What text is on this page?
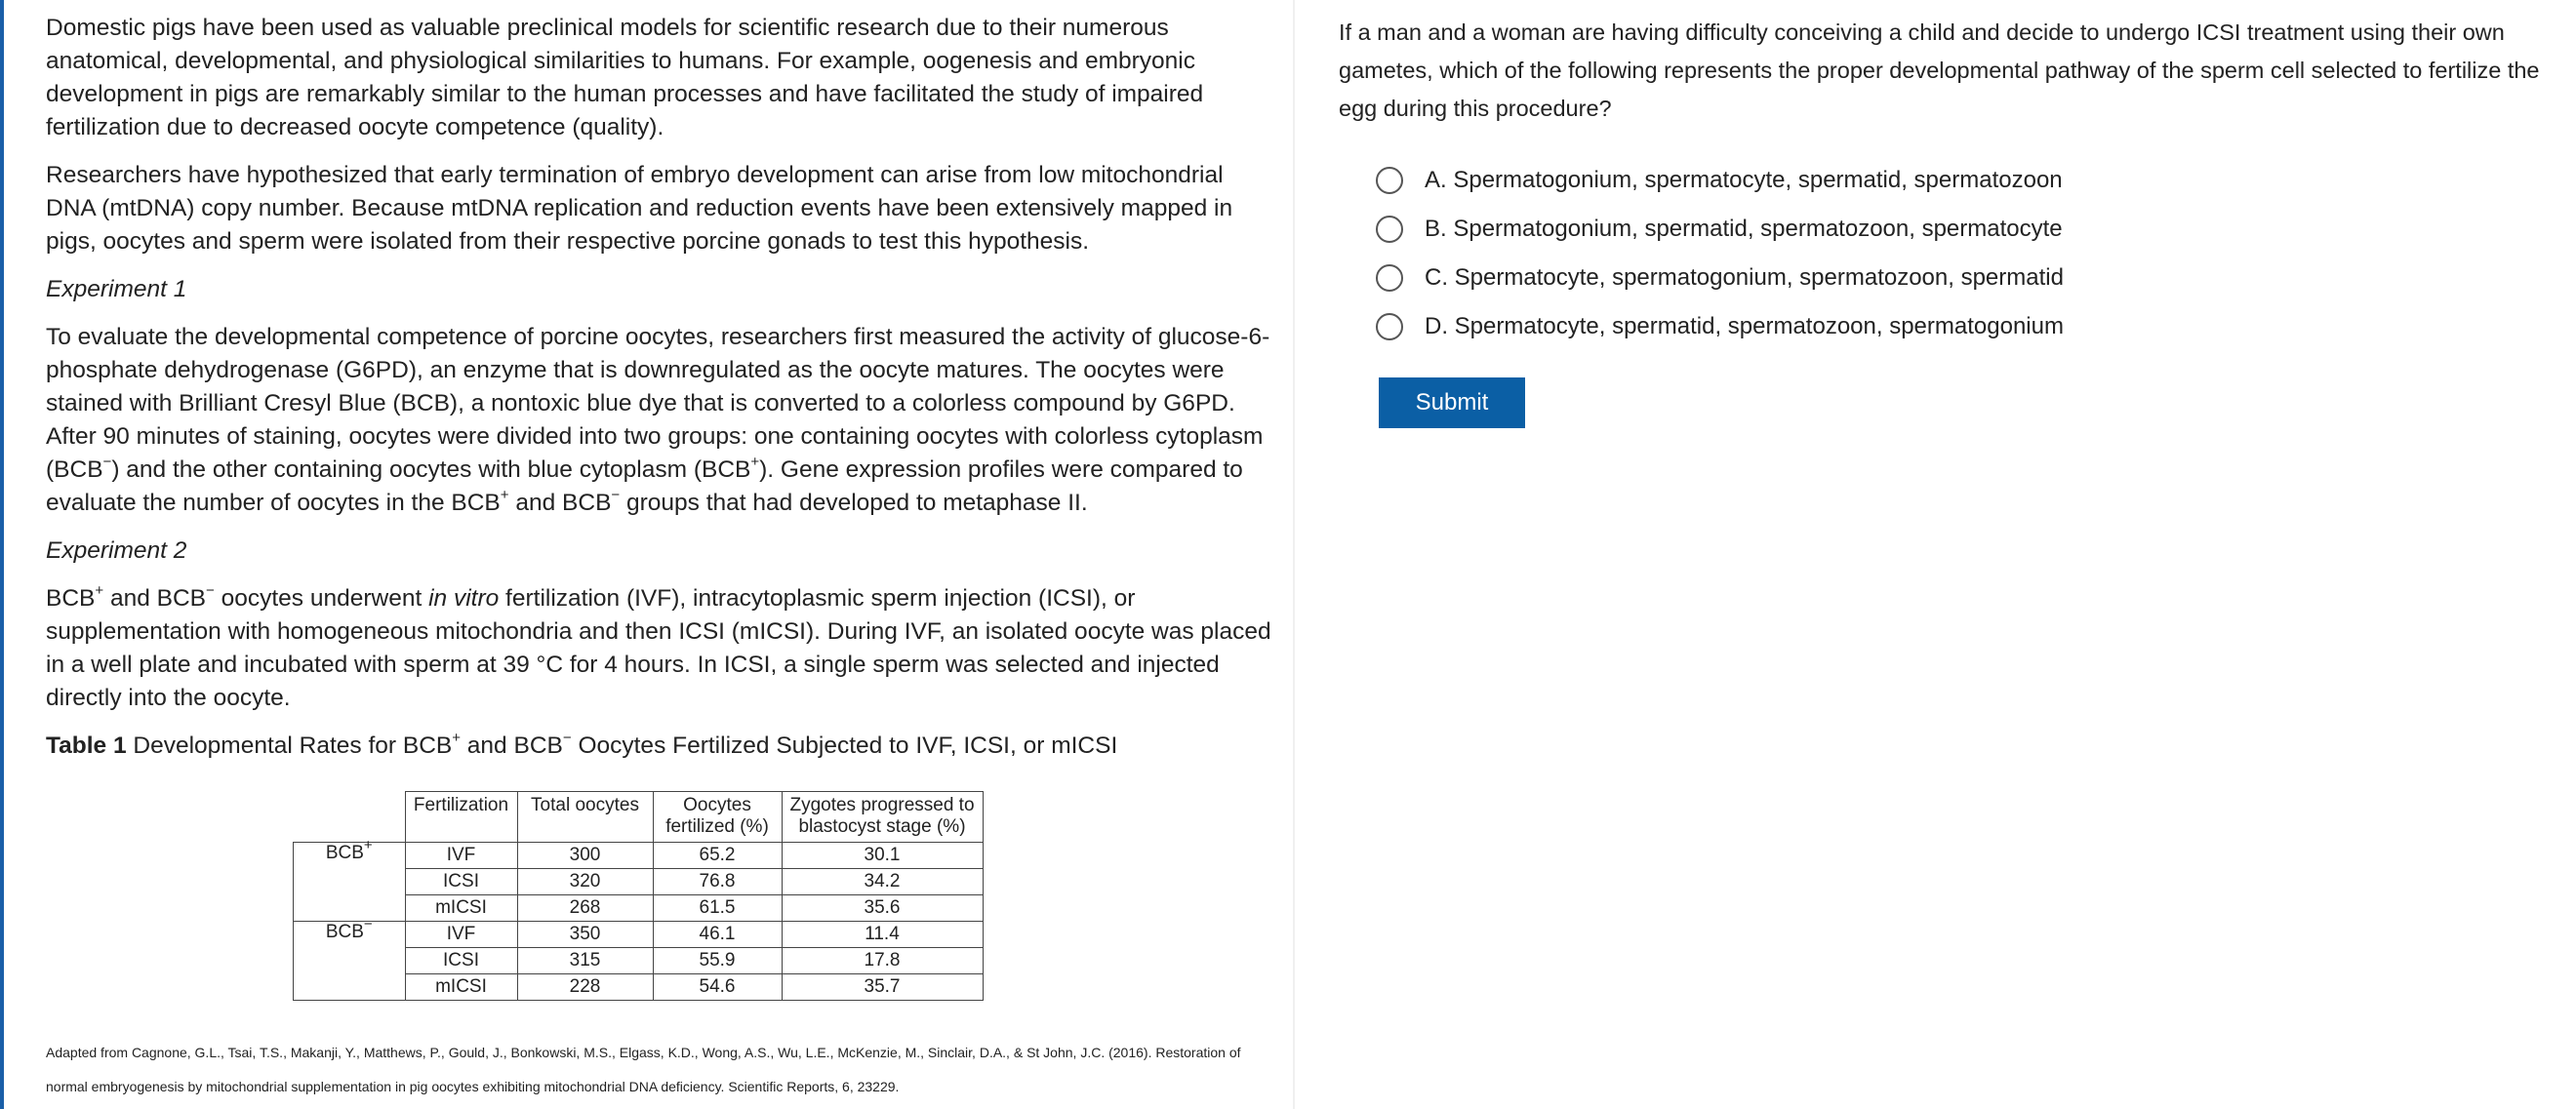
Domestic pigs have been used as valuable preclinical models for scientific research due to their numerous anatomical, developmental, and physiological similarities to humans. For example, oogenesis and embryonic development in pigs are remarkably similar to the human processes and have facilitated the study of impaired fertilization due to decreased oocyte competence (quality).

Researchers have hypothesized that early termination of embryo development can arise from low mitochondrial DNA (mtDNA) copy number. Because mtDNA replication and reduction events have been extensively mapped in pigs, oocytes and sperm were isolated from their respective porcine gonads to test this hypothesis.

Experiment 1

To evaluate the developmental competence of porcine oocytes, researchers first measured the activity of glucose-6-phosphate dehydrogenase (G6PD), an enzyme that is downregulated as the oocyte matures. The oocytes were stained with Brilliant Cresyl Blue (BCB), a nontoxic blue dye that is converted to a colorless compound by G6PD. After 90 minutes of staining, oocytes were divided into two groups: one containing oocytes with colorless cytoplasm (BCB−) and the other containing oocytes with blue cytoplasm (BCB+). Gene expression profiles were compared to evaluate the number of oocytes in the BCB+ and BCB− groups that had developed to metaphase II.

Experiment 2

BCB+ and BCB− oocytes underwent in vitro fertilization (IVF), intracytoplasmic sperm injection (ICSI), or supplementation with homogeneous mitochondria and then ICSI (mICSI). During IVF, an isolated oocyte was placed in a well plate and incubated with sperm at 39 °C for 4 hours. In ICSI, a single sperm was selected and injected directly into the oocyte.

Table 1 Developmental Rates for BCB+ and BCB− Oocytes Fertilized Subjected to IVF, ICSI, or mICSI

	Fertilization	Total oocytes	Oocytes fertilized (%)	Zygotes progressed to blastocyst stage (%)
BCB+	IVF	300	65.2	30.1
	ICSI	320	76.8	34.2
	mICSI	268	61.5	35.6
BCB−	IVF	350	46.1	11.4
	ICSI	315	55.9	17.8
	mICSI	228	54.6	35.7
Adapted from Cagnone, G.L., Tsai, T.S., Makanji, Y., Matthews, P., Gould, J., Bonkowski, M.S., Elgass, K.D., Wong, A.S., Wu, L.E., McKenzie, M., Sinclair, D.A., & St John, J.C. (2016). Restoration of normal embryogenesis by mitochondrial supplementation in pig oocytes exhibiting mitochondrial DNA deficiency. Scientific Reports, 6, 23229.
If a man and a woman are having difficulty conceiving a child and decide to undergo ICSI treatment using their own gametes, which of the following represents the proper developmental pathway of the sperm cell selected to fertilize the egg during this procedure?
A. Spermatogonium, spermatocyte, spermatid, spermatozoon
B. Spermatogonium, spermatid, spermatozoon, spermatocyte
C. Spermatocyte, spermatogonium, spermatozoon, spermatid
D. Spermatocyte, spermatid, spermatozoon, spermatogonium
Submit
